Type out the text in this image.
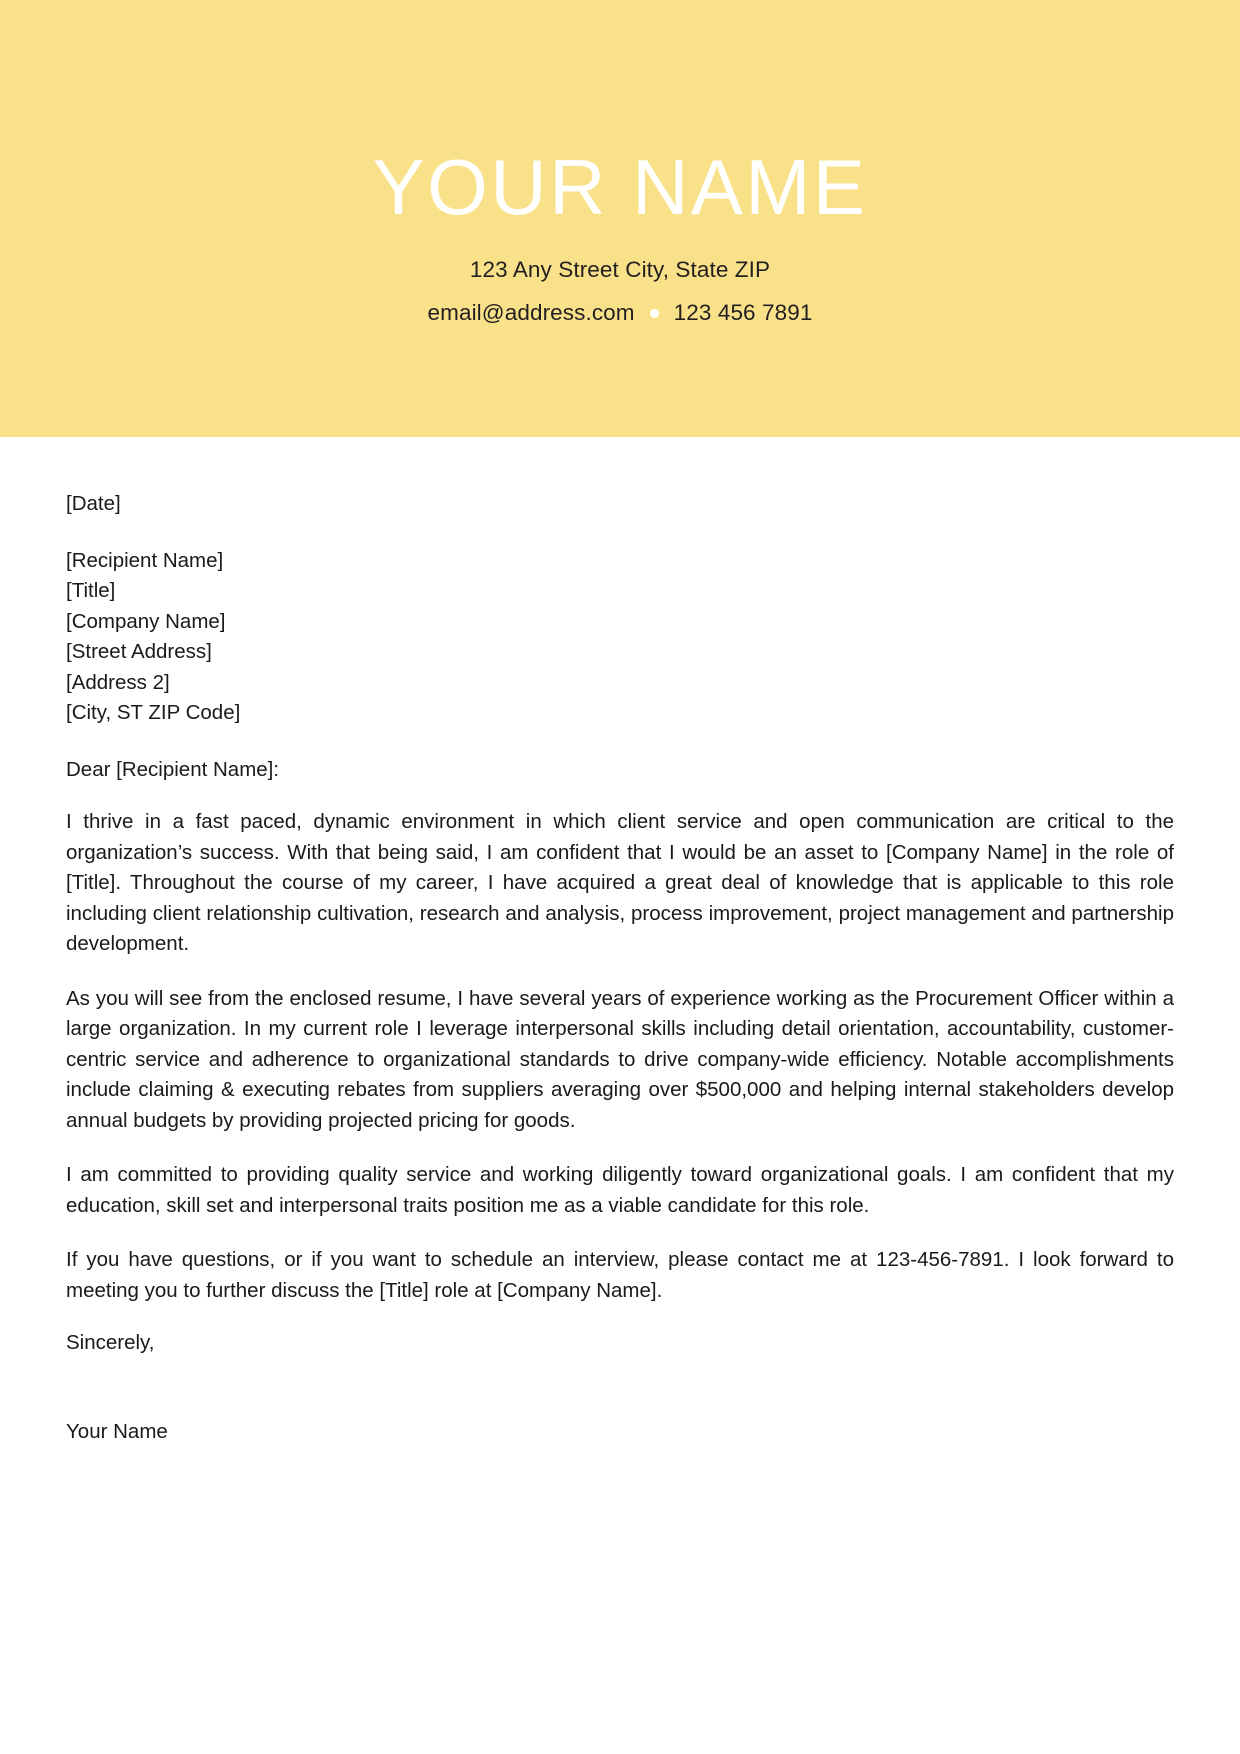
YOUR NAME
123 Any Street City, State ZIP
email@address.com 123 456 7891
[Date]
[Recipient Name]
[Title]
[Company Name]
[Street Address]
[Address 2]
[City, ST ZIP Code]
Dear [Recipient Name]:

I thrive in a fast paced, dynamic environment in which client service and open communication are critical to the organization’s success. With that being said, I am confident that I would be an asset to [Company Name] in the role of [Title]. Throughout the course of my career, I have acquired a great deal of knowledge that is applicable to this role including client relationship cultivation, research and analysis, process improvement, project management and partnership development.

As you will see from the enclosed resume, I have several years of experience working as the Procurement Officer within a large organization. In my current role I leverage interpersonal skills including detail orientation, accountability, customer-centric service and adherence to organizational standards to drive company-wide efficiency. Notable accomplishments include claiming & executing rebates from suppliers averaging over $500,000 and helping internal stakeholders develop annual budgets by providing projected pricing for goods.

I am committed to providing quality service and working diligently toward organizational goals. I am confident that my education, skill set and interpersonal traits position me as a viable candidate for this role.

If you have questions, or if you want to schedule an interview, please contact me at 123-456-7891. I look forward to meeting you to further discuss the [Title] role at [Company Name].

Sincerely,
Your Name
